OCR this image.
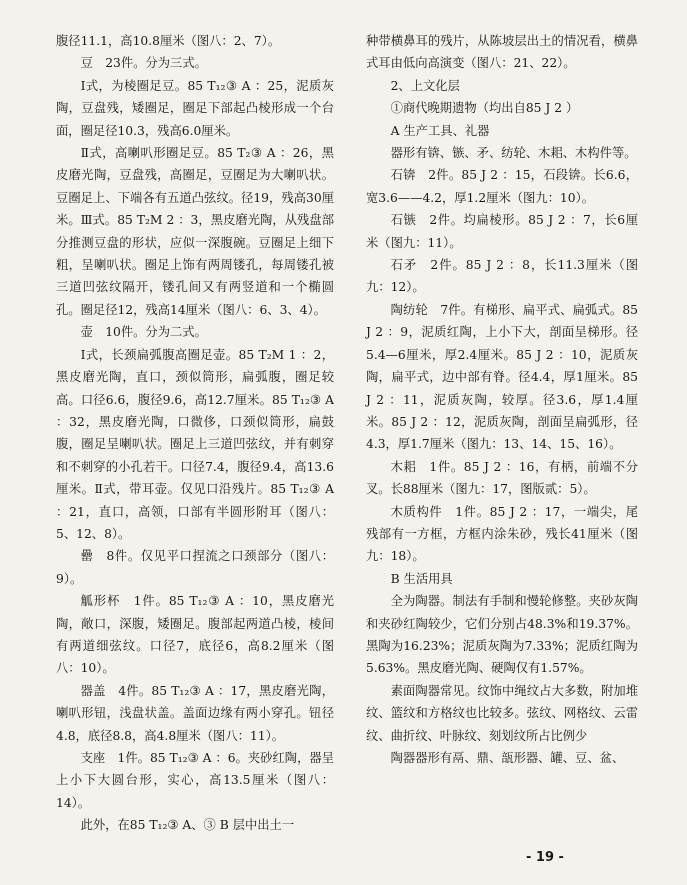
腹径11.1，高10.8厘米（图八：2、7）。

豆　23件。分为三式。

Ⅰ式，为棱圈足豆。85 T₁₂③ A ：25，泥质灰陶，豆盘残，矮圈足，圈足下部起凸棱形成一个台面，圈足径10.3，残高6.0厘米。

Ⅱ式，高喇叭形圈足豆。85 T₂③ A ：26，黑皮磨光陶，豆盘残，高圈足，豆圈足为大喇叭状。豆圈足上、下端各有五道凸弦纹。径19，残高30厘米。Ⅲ式。85 T₂M 2 ：3，黑皮磨光陶，从残盘部分推测豆盘的形状，应似一深腹碗。豆圈足上细下粗，呈喇叭状。圈足上饰有两周镂孔，每周镂孔被三道凹弦纹隔开，镂孔间又有两竖道和一个椭圆孔。圈足径12，残高14厘米（图八：6、3、4）。

壶　10件。分为二式。

Ⅰ式，长颈扁弧腹高圈足壶。85 T₂M 1 ：2，黑皮磨光陶，直口，颈似筒形，扁弧腹，圈足较高。口径6.6，腹径9.6，高12.7厘米。85 T₁₂③ A ：32，黑皮磨光陶，口微侈，口颈似筒形，扁鼓腹，圈足呈喇叭状。圈足上三道凹弦纹，并有刺穿和不刺穿的小孔若干。口径7.4，腹径9.4，高13.6厘米。Ⅱ式，带耳壶。仅见口沿残片。85 T₁₂③ A ：21，直口，高领，口部有半圆形附耳（图八：5、12、8）。

罍　8件。仅见平口捏流之口颈部分（图八：9）。

觚形杯　1件。85 T₁₂③ A ：10，黑皮磨光陶，敞口，深腹，矮圈足。腹部起两道凸棱，棱间有两道细弦纹。口径7，底径6，高8.2厘米（图八：10）。

器盖　4件。85 T₁₂③ A ：17，黑皮磨光陶，喇叭形钮，浅盘状盖。盖面边缘有两小穿孔。钮径4.8，底径8.8，高4.8厘米（图八：11）。

支座　1件。85 T₁₂③ A ：6。夹砂红陶，器呈上小下大圆台形，实心，高13.5厘米（图八：14）。

此外，在85 T₁₂③ A、③ B 层中出土一

种带横鼻耳的残片，从陈坡层出土的情况看，横鼻式耳由低向高演变（图八：21、22）。

2、上文化层

①商代晚期遗物（均出自85 J 2 ）

A 生产工具、礼器

器形有锛、镞、矛、纺轮、木耜、木构件等。

石锛　2件。85 J 2 ：15，石段锛。长6.6，宽3.6——4.2，厚1.2厘米（图九：10）。

石镞　2件。均扁棱形。85 J 2 ：7，长6厘米（图九：11）。

石矛　2件。85 J 2 ：8，长11.3厘米（图九：12）。

陶纺轮　7件。有梯形、扁平式、扁弧式。85 J 2 ：9，泥质红陶，上小下大，剖面呈梯形。径5.4—6厘米，厚2.4厘米。85 J 2 ：10，泥质灰陶，扁平式，边中部有脊。径4.4，厚1厘米。85 J 2 ：11，泥质灰陶，较厚。径3.6，厚1.4厘米。85 J 2 ：12，泥质灰陶，剖面呈扁弧形，径4.3，厚1.7厘米（图九：13、14、15、16）。

木耜　1件。85 J 2 ：16，有柄，前端不分叉。长88厘米（图九：17，图版贰：5）。

木质构件　1件。85 J 2 ：17，一端尖，尾残部有一方框，方框内涂朱砂，残长41厘米（图九：18）。

B 生活用具

全为陶器。制法有手制和慢轮修整。夹砂灰陶和夹砂红陶较少，它们分别占48.3%和19.37%。黑陶为16.23%；泥质灰陶为7.33%；泥质红陶为5.63%。黑皮磨光陶、硬陶仅有1.57%。

素面陶器常见。纹饰中绳纹占大多数，附加堆纹、篮纹和方格纹也比较多。弦纹、网格纹、云雷纹、曲折纹、叶脉纹、刻划纹所占比例少

陶器器形有鬲、鼎、瓿形器、罐、豆、盆、

- 19 -
